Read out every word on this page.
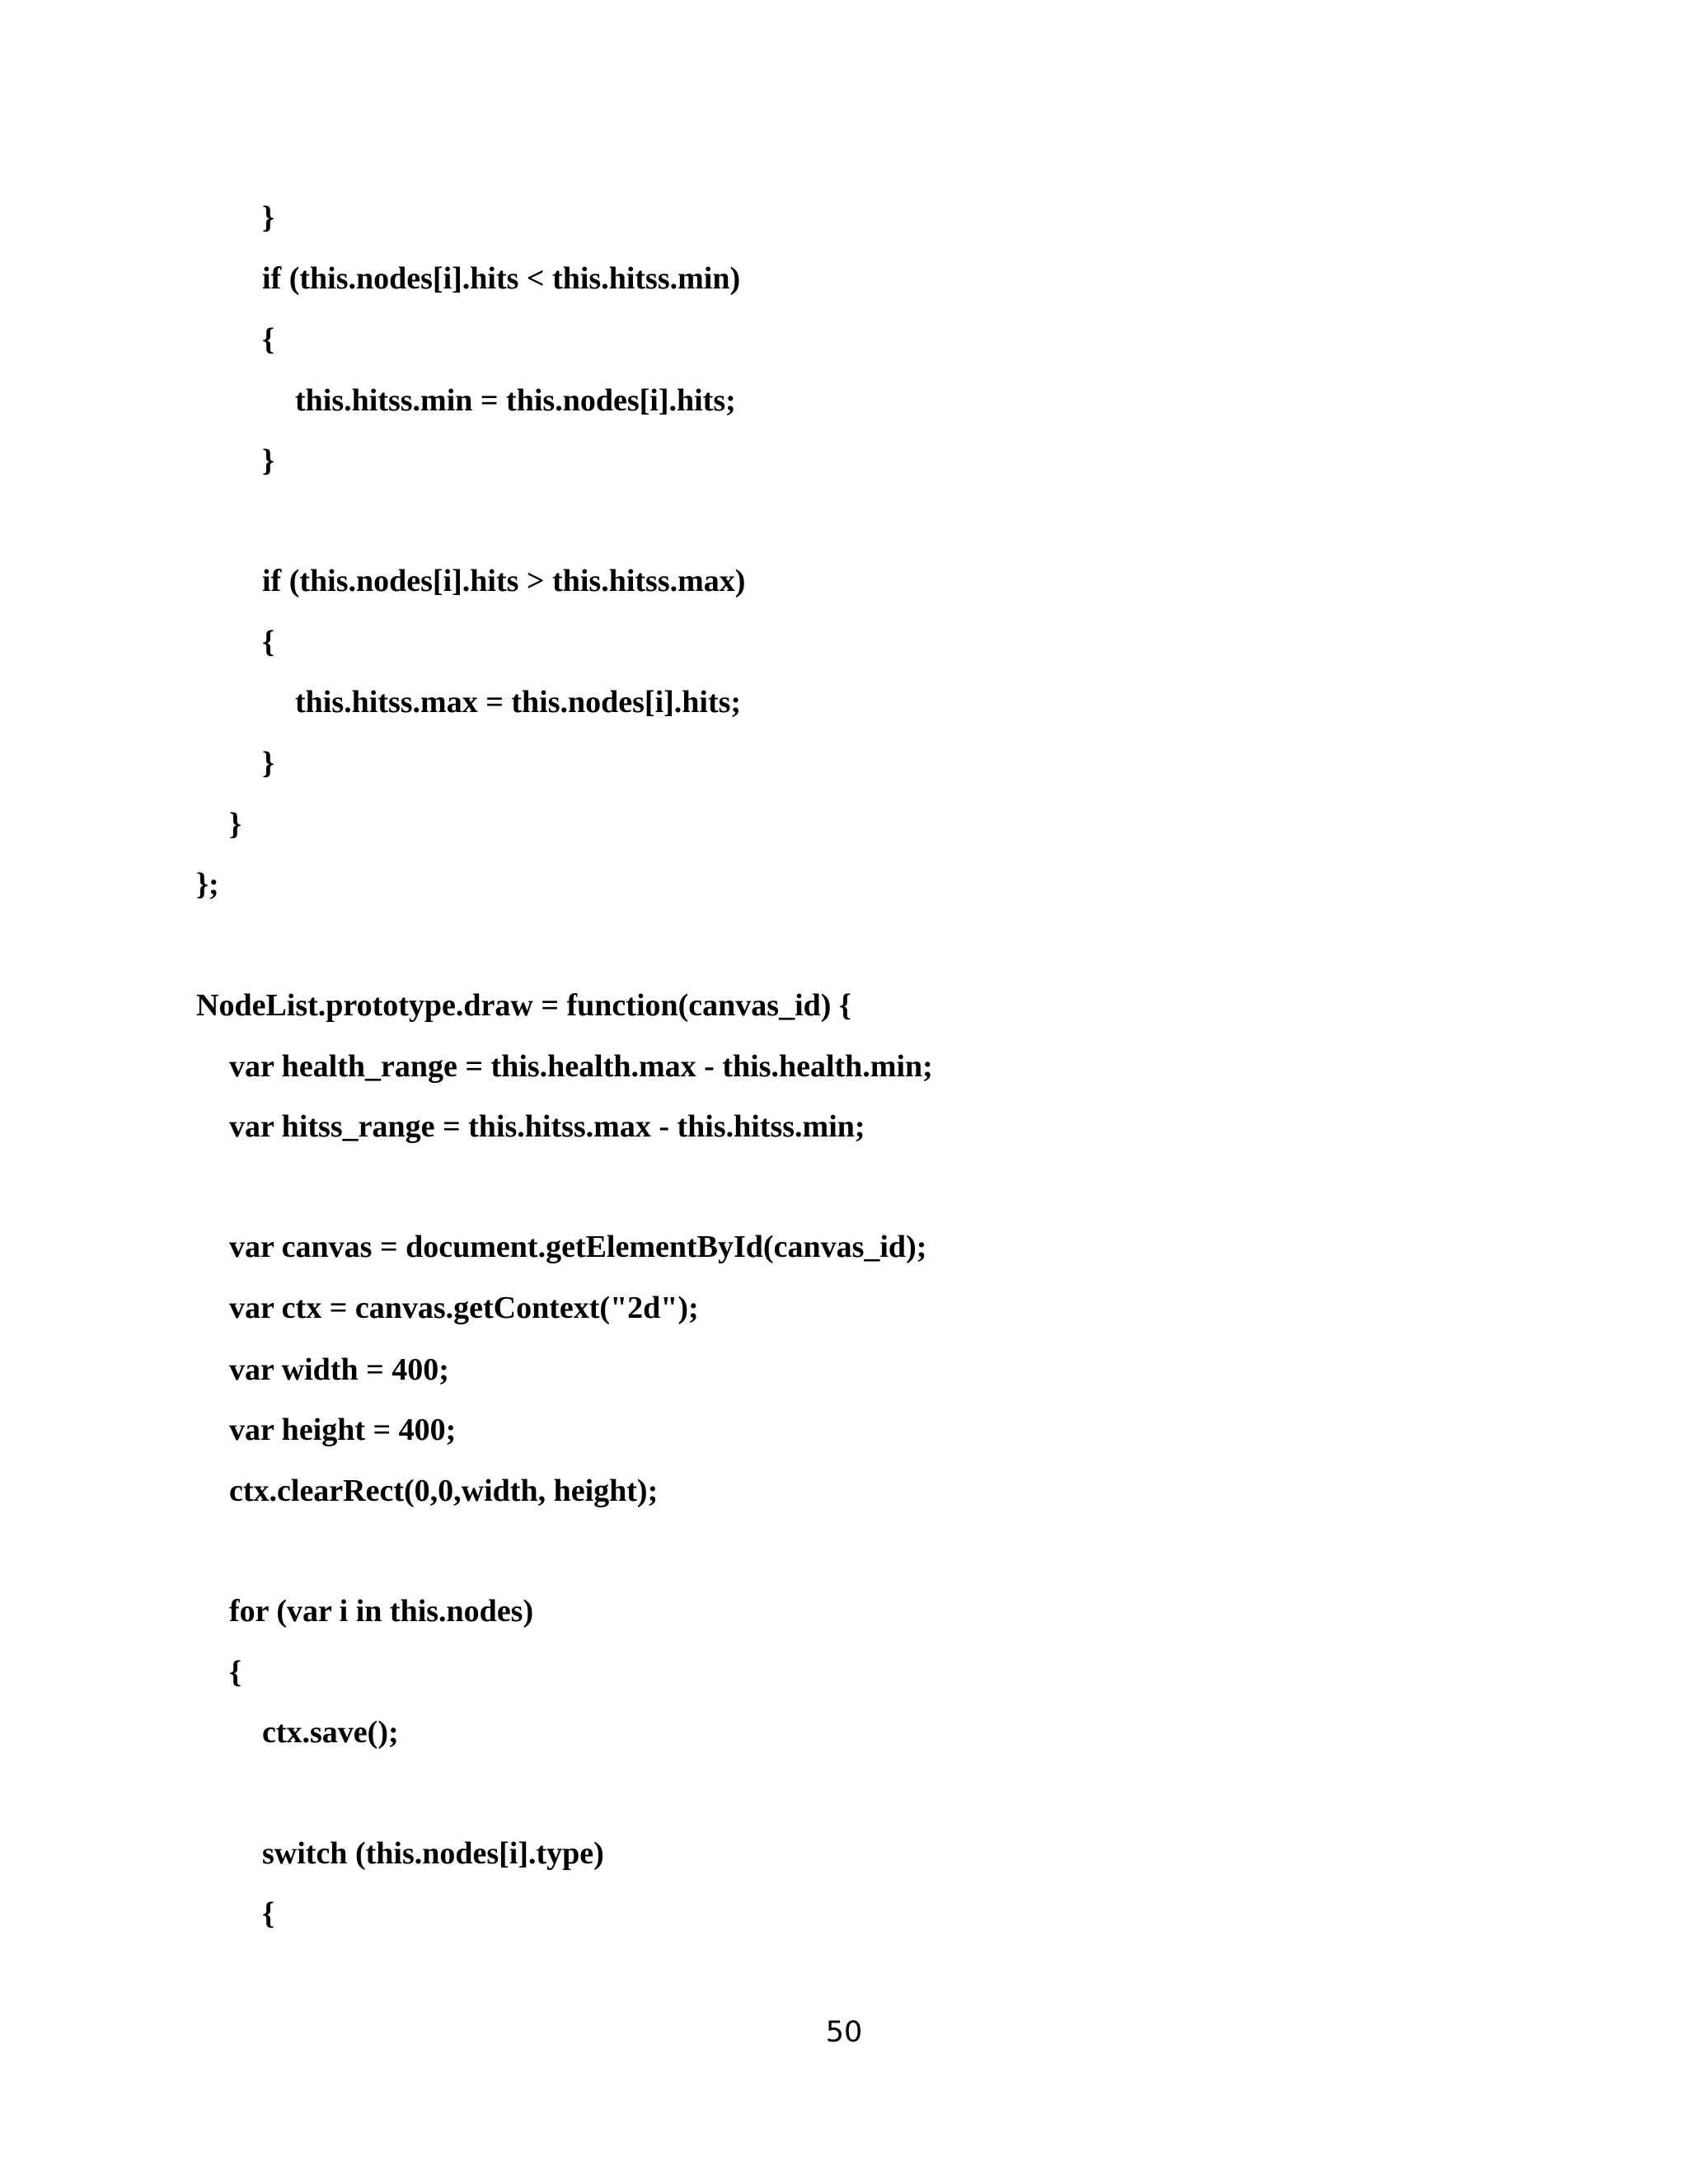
}
if (this.nodes[i].hits < this.hitss.min)
{
this.hitss.min = this.nodes[i].hits;
}
if (this.nodes[i].hits > this.hitss.max)
{
this.hitss.max = this.nodes[i].hits;
}
}
};
NodeList.prototype.draw = function(canvas_id) {
var health_range = this.health.max - this.health.min;
var hitss_range = this.hitss.max - this.hitss.min;
var canvas = document.getElementById(canvas_id);
var ctx = canvas.getContext("2d");
var width = 400;
var height = 400;
ctx.clearRect(0,0,width, height);
for (var i in this.nodes)
{
ctx.save();
switch (this.nodes[i].type)
{
50
